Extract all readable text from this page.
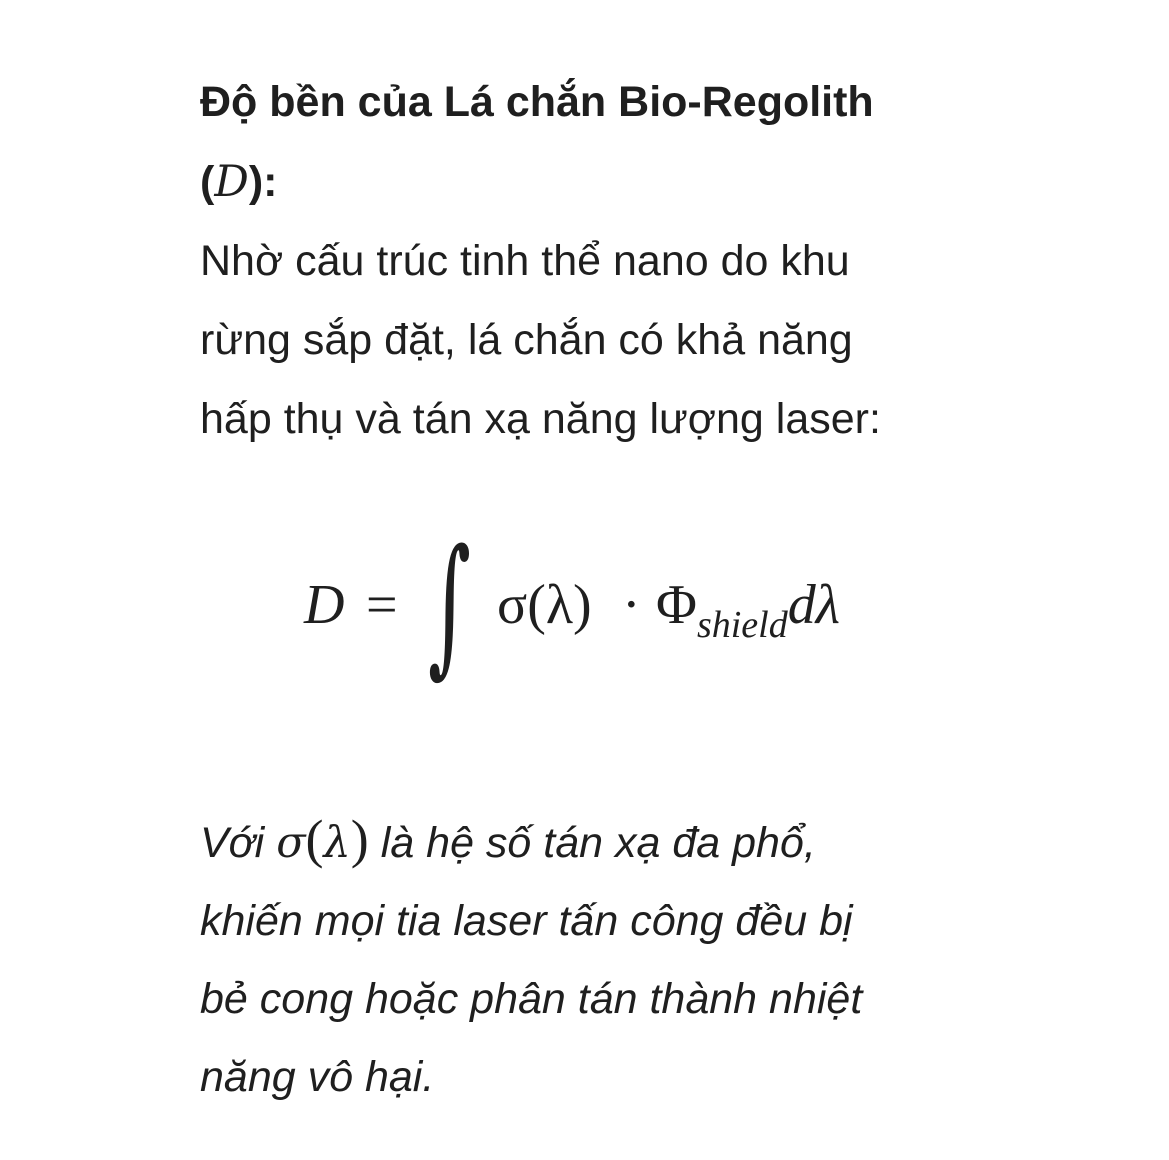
Độ bền của Lá chắn Bio-Regolith
(D):

Nhờ cấu trúc tinh thể nano do khu
rừng sắp đặt, lá chắn có khả năng
hấp thụ và tán xạ năng lượng laser:

D = ∫ $\sigma(\lambda) \cdot \Phi_{shield}d\lambda$

Với σ(λ) là hệ số tán xạ đa phổ,
khiến mọi tia laser tấn công đều bị
bẻ cong hoặc phân tán thành nhiệt
năng vô hại.
